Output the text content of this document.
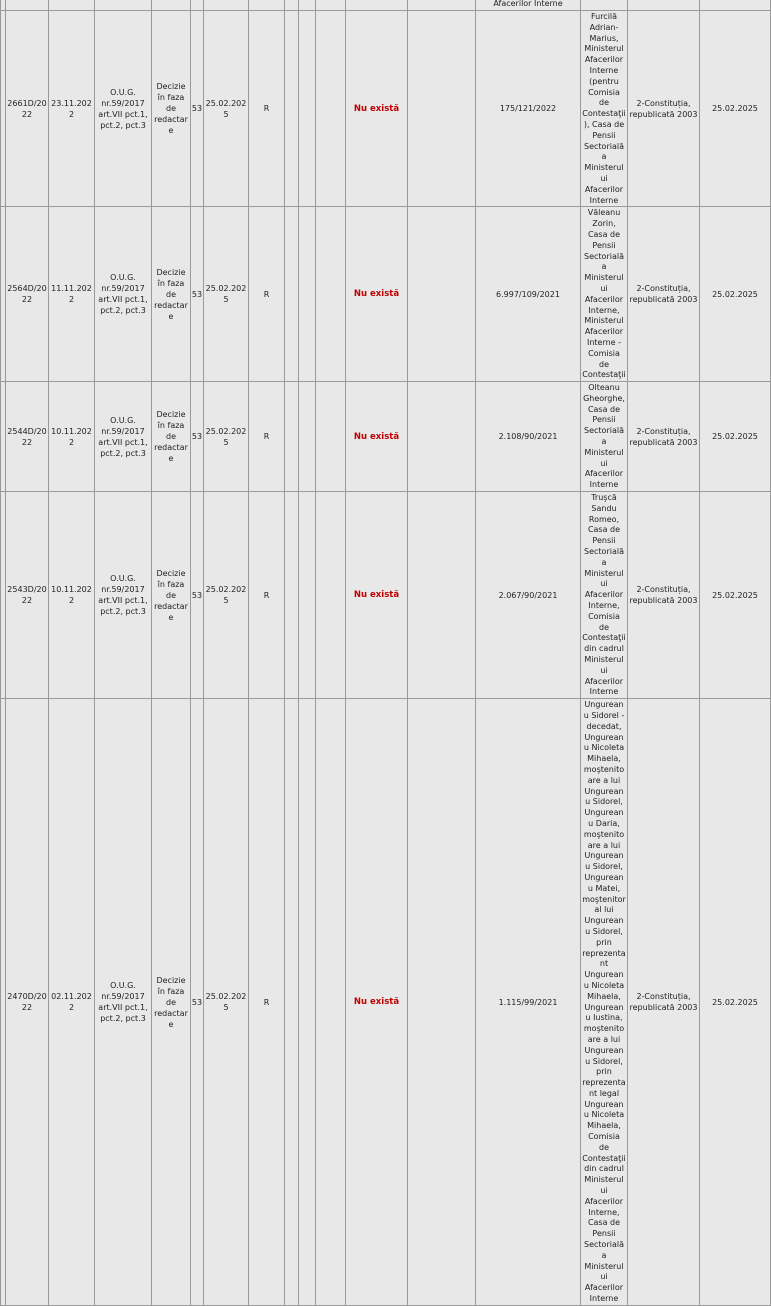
													Afacerilor Interne			
	2661D/2022	23.11.2022	O.U.G. nr.59/2017 art.VII pct.1, pct.2, pct.3	Decizie în faza de redactare	53	25.02.2025	R				Nu există		175/121/2022	Furcilă Adrian-Marius, Ministerul Afacerilor Interne (pentru Comisia de Contestaţii), Casa de Pensii Sectorială a Ministerului Afacerilor Interne	2-Constituția, republicată 2003	25.02.2025
	2564D/2022	11.11.2022	O.U.G. nr.59/2017 art.VII pct.1, pct.2, pct.3	Decizie în faza de redactare	53	25.02.2025	R				Nu există		6.997/109/2021	Văleanu Zorin, Casa de Pensii Sectorială a Ministerului Afacerilor Interne, Ministerul Afacerilor Interne - Comisia de Contestaţii	2-Constituția, republicată 2003	25.02.2025
	2544D/2022	10.11.2022	O.U.G. nr.59/2017 art.VII pct.1, pct.2, pct.3	Decizie în faza de redactare	53	25.02.2025	R				Nu există		2.108/90/2021	Olteanu Gheorghe, Casa de Pensii Sectorială a Ministerului Afacerilor Interne	2-Constituția, republicată 2003	25.02.2025
	2543D/2022	10.11.2022	O.U.G. nr.59/2017 art.VII pct.1, pct.2, pct.3	Decizie în faza de redactare	53	25.02.2025	R				Nu există		2.067/90/2021	Truşcă Sandu Romeo, Casa de Pensii Sectorială a Ministerului Afacerilor Interne, Comisia de Contestaţii din cadrul Ministerului Afacerilor Interne	2-Constituția, republicată 2003	25.02.2025
	2470D/2022	02.11.2022	O.U.G. nr.59/2017 art.VII pct.1, pct.2, pct.3	Decizie în faza de redactare	53	25.02.2025	R				Nu există		1.115/99/2021	Ungureanu Sidorel - decedat, Ungureanu Nicoleta Mihaela, moştenitoare a lui Ungureanu Sidorel, Ungureanu Daria, moştenitoare a lui Ungureanu Sidorel, Ungureanu Matei, moştenitor al lui Ungureanu Sidorel, prin reprezentant Ungureanu Nicoleta Mihaela, Ungureanu Iustina, moştenitoare a lui Ungureanu Sidorel, prin reprezentant legal Ungureanu Nicoleta Mihaela, Comisia de Contestaţii din cadrul Ministerului Afacerilor Interne, Casa de Pensii Sectorială a Ministerului Afacerilor Interne	2-Constituția, republicată 2003	25.02.2025
